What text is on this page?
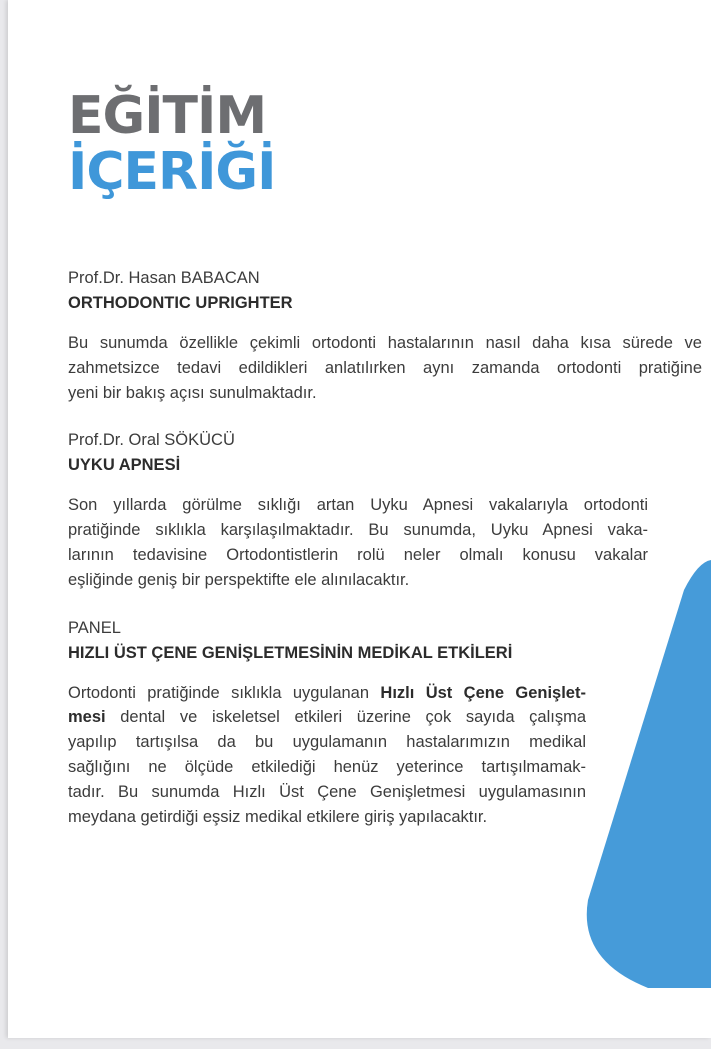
EĞİTİM
İÇERİĞİ
Prof.Dr. Hasan BABACAN
ORTHODONTIC UPRIGHTER
Bu sunumda özellikle çekimli ortodonti hastalarının nasıl daha kısa sürede ve
zahmetsizce tedavi edildikleri anlatılırken aynı zamanda ortodonti pratiğine
yeni bir bakış açısı sunulmaktadır.
Prof.Dr. Oral SÖKÜCÜ
UYKU APNESİ
Son yıllarda görülme sıklığı artan Uyku Apnesi vakalarıyla ortodonti
pratiğinde sıklıkla karşılaşılmaktadır. Bu sunumda, Uyku Apnesi vaka-
larının tedavisine Ortodontistlerin rolü neler olmalı konusu vakalar
eşliğinde geniş bir perspektifte ele alınılacaktır.
PANEL
HIZLI ÜST ÇENE GENİŞLETMESİNİN MEDİKAL ETKİLERİ
Ortodonti pratiğinde sıklıkla uygulanan Hızlı Üst Çene Genişlet-
mesi dental ve iskeletsel etkileri üzerine çok sayıda çalışma
yapılıp tartışılsa da bu uygulamanın hastalarımızın medikal
sağlığını ne ölçüde etkilediği henüz yeterince tartışılmamak-
tadır. Bu sunumda Hızlı Üst Çene Genişletmesi uygulamasının
meydana getirdiği eşsiz medikal etkilere giriş yapılacaktır.
